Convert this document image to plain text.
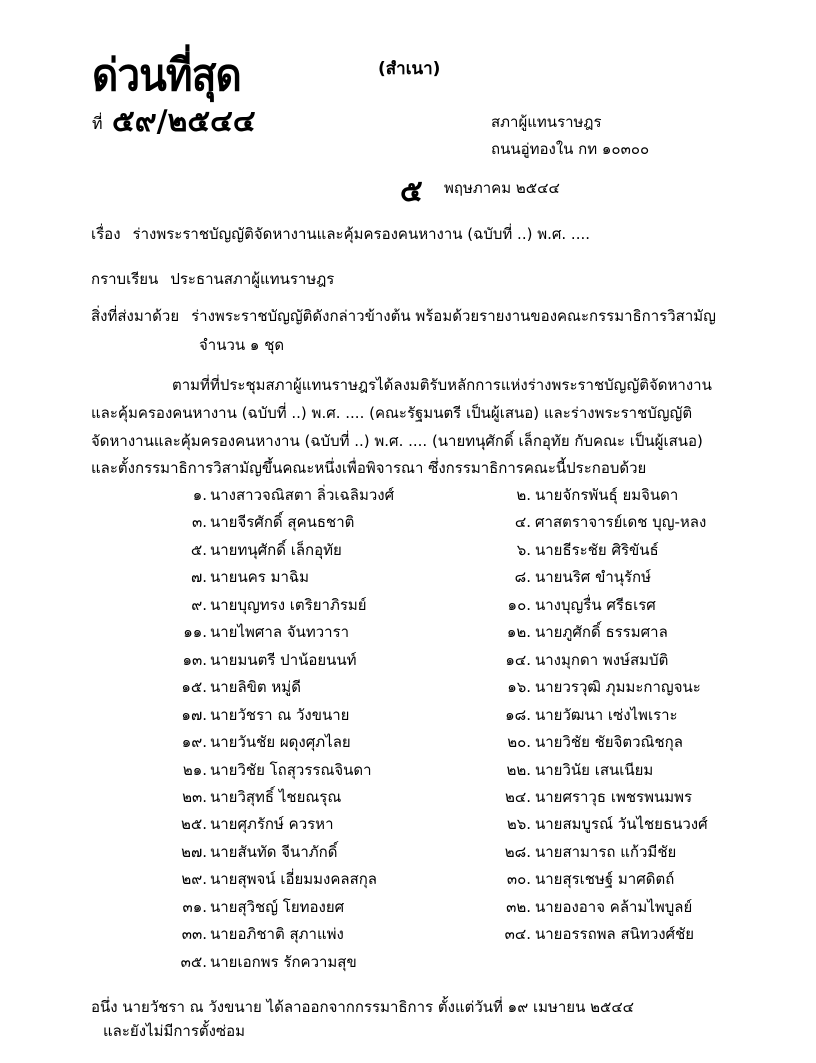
ด่วนที่สุด	(สำเนา)
ที่ ๕๙/๒๕๔๔	สภาผู้แทนราษฎร
ถนนอู่ทองใน กท ๑๐๓๐๐
๕ พฤษภาคม ๒๕๔๔
เรื่อง ร่างพระราชบัญญัติจัดหางานและคุ้มครองคนหางาน (ฉบับที่ ..) พ.ศ. ....
กราบเรียน ประธานสภาผู้แทนราษฎร
สิ่งที่ส่งมาด้วย ร่างพระราชบัญญัติดังกล่าวข้างต้น พร้อมด้วยรายงานของคณะกรรมาธิการวิสามัญ
จำนวน ๑ ชุด
ตามที่ที่ประชุมสภาผู้แทนราษฎรได้ลงมติรับหลักการแห่งร่างพระราชบัญญัติจัดหางาน
และคุ้มครองคนหางาน (ฉบับที่ ..) พ.ศ. .... (คณะรัฐมนตรี เป็นผู้เสนอ) และร่างพระราชบัญญัติ
จัดหางานและคุ้มครองคนหางาน (ฉบับที่ ..) พ.ศ. .... (นายทนุศักดิ์ เล็กอุทัย กับคณะ เป็นผู้เสนอ)
และตั้งกรรมาธิการวิสามัญขึ้นคณะหนึ่งเพื่อพิจารณา ซึ่งกรรมาธิการคณะนี้ประกอบด้วย
๑. นางสาวจณิสตา ลิ่วเฉลิมวงศ์
๓. นายจีรศักดิ์ สุคนธชาติ
๕. นายทนุศักดิ์ เล็กอุทัย
๗. นายนคร มาฉิม
๙. นายบุญทรง เตริยาภิรมย์
๑๑. นายไพศาล จันทวารา
๑๓. นายมนตรี ปาน้อยนนท์
๑๕. นายลิขิต หมู่ดี
๑๗. นายวัชรา ณ วังขนาย
๑๙. นายวันชัย ผดุงศุภไลย
๒๑. นายวิชัย โถสุวรรณจินดา
๒๓. นายวิสุทธิ์ ไชยณรุณ
๒๕. นายศุภรักษ์ ควรหา
๒๗. นายสันทัด จีนาภักดิ์
๒๙. นายสุพจน์ เอี่ยมมงคลสกุล
๓๑. นายสุวิชญ์ โยทองยศ
๓๓. นายอภิชาติ สุภาแพ่ง
๓๕. นายเอกพร รักความสุข
๒. นายจักรพันธุ์ ยมจินดา
๔. ศาสตราจารย์เดช บุญ-หลง
๖. นายธีระชัย ศิริขันธ์
๘. นายนริศ ขำนุรักษ์
๑๐. นางบุญรื่น ศรีธเรศ
๑๒. นายภูศักดิ์ ธรรมศาล
๑๔. นางมุกดา พงษ์สมบัติ
๑๖. นายวรวุฒิ ภุมมะกาญจนะ
๑๘. นายวัฒนา เซ่งไพเราะ
๒๐. นายวิชัย ชัยจิตวณิชกุล
๒๒. นายวินัย เสนเนียม
๒๔. นายศราวุธ เพชรพนมพร
๒๖. นายสมบูรณ์ วันไชยธนวงศ์
๒๘. นายสามารถ แก้วมีชัย
๓๐. นายสุรเชษฐ์ มาศดิตถ์
๓๒. นายองอาจ คล้ามไพบูลย์
๓๔. นายอรรถพล สนิทวงศ์ชัย
อนึ่ง นายวัชรา ณ วังขนาย ได้ลาออกจากกรรมาธิการ ตั้งแต่วันที่ ๑๙ เมษายน ๒๕๔๔
และยังไม่มีการตั้งซ่อม
